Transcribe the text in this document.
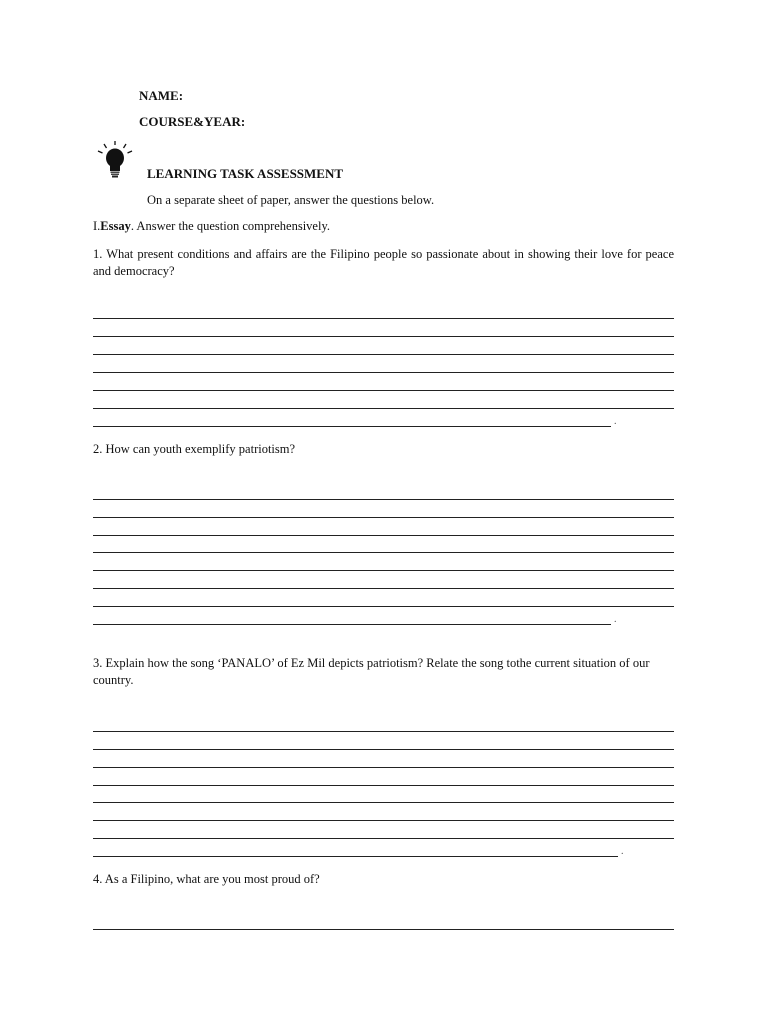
NAME:
COURSE&YEAR:
LEARNING TASK ASSESSMENT
On a separate sheet of paper, answer the questions below.
I.Essay. Answer the question comprehensively.
1. What present conditions and affairs are the Filipino people so passionate about in showing their love for peace and democracy?
.
2. How can youth exemplify patriotism?
.
3. Explain how the song ‘PANALO’ of Ez Mil depicts patriotism? Relate the song tothe current situation of our country.
.
4. As a Filipino, what are you most proud of?
